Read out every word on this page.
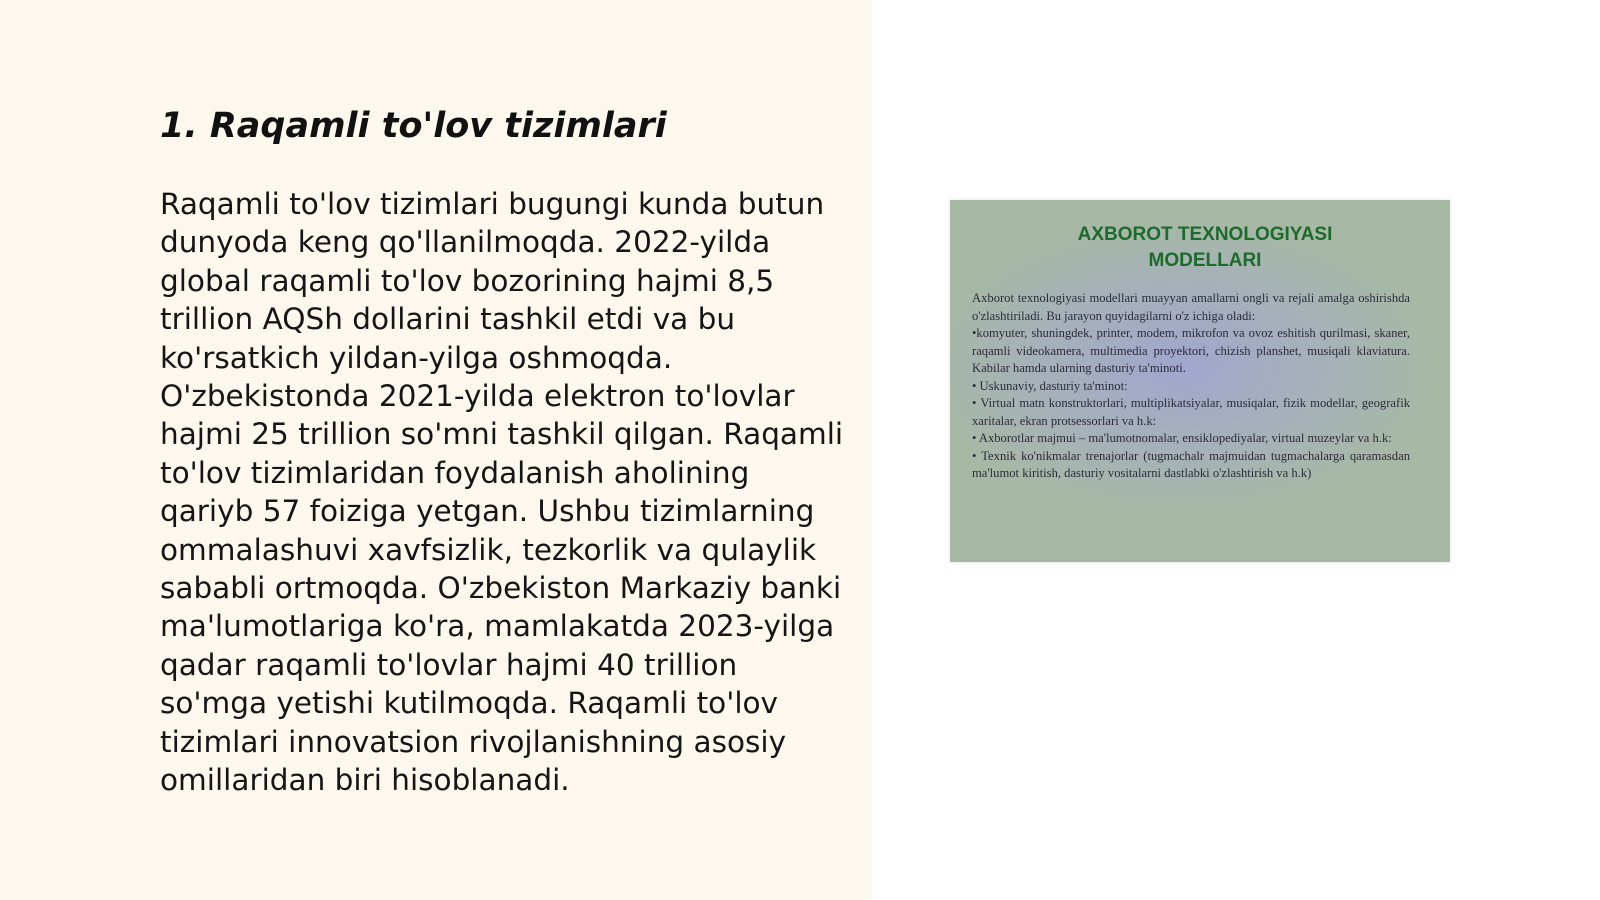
1. Raqamli to'lov tizimlari

Raqamli to'lov tizimlari bugungi kunda butun dunyoda keng qo'llanilmoqda. 2022-yilda global raqamli to'lov bozorining hajmi 8,5 trillion AQSh dollarini tashkil etdi va bu ko'rsatkich yildan-yilga oshmoqda. O'zbekistonda 2021-yilda elektron to'lovlar hajmi 25 trillion so'mni tashkil qilgan. Raqamli to'lov tizimlaridan foydalanish aholining qariyb 57 foiziga yetgan. Ushbu tizimlarning ommalashuvi xavfsizlik, tezkorlik va qulaylik sababli ortmoqda. O'zbekiston Markaziy banki ma'lumotlariga ko'ra, mamlakatda 2023-yilga qadar raqamli to'lovlar hajmi 40 trillion so'mga yetishi kutilmoqda. Raqamli to'lov tizimlari innovatsion rivojlanishning asosiy omillaridan biri hisoblanadi.

AXBOROT TEXNOLOGIYASI
MODELLARI

Axborot texnologiyasi modellari muayyan amallarni ongli va rejali amalga oshirishda o'zlashtiriladi. Bu jarayon quyidagilarni o'z ichiga oladi:

•komyuter, shuningdek, printer, modem, mikrofon va ovoz eshitish qurilmasi, skaner, raqamli videokamera, multimedia proyektori, chizish planshet, musiqali klaviatura. Kabilar hamda ularning dasturiy ta'minoti.

• Uskunaviy, dasturiy ta'minot:

• Virtual matn konstruktorlari, multiplikatsiyalar, musiqalar, fizik modellar, geografik xaritalar, ekran protsessorlari va h.k:

• Axborotlar majmui – ma'lumotnomalar, ensiklopediyalar, virtual muzeylar va h.k:

• Texnik ko'nikmalar trenajorlar (tugmachalr majmuidan tugmachalarga qaramasdan ma'lumot kiritish, dasturiy vositalarni dastlabki o'zlashtirish va h.k)
